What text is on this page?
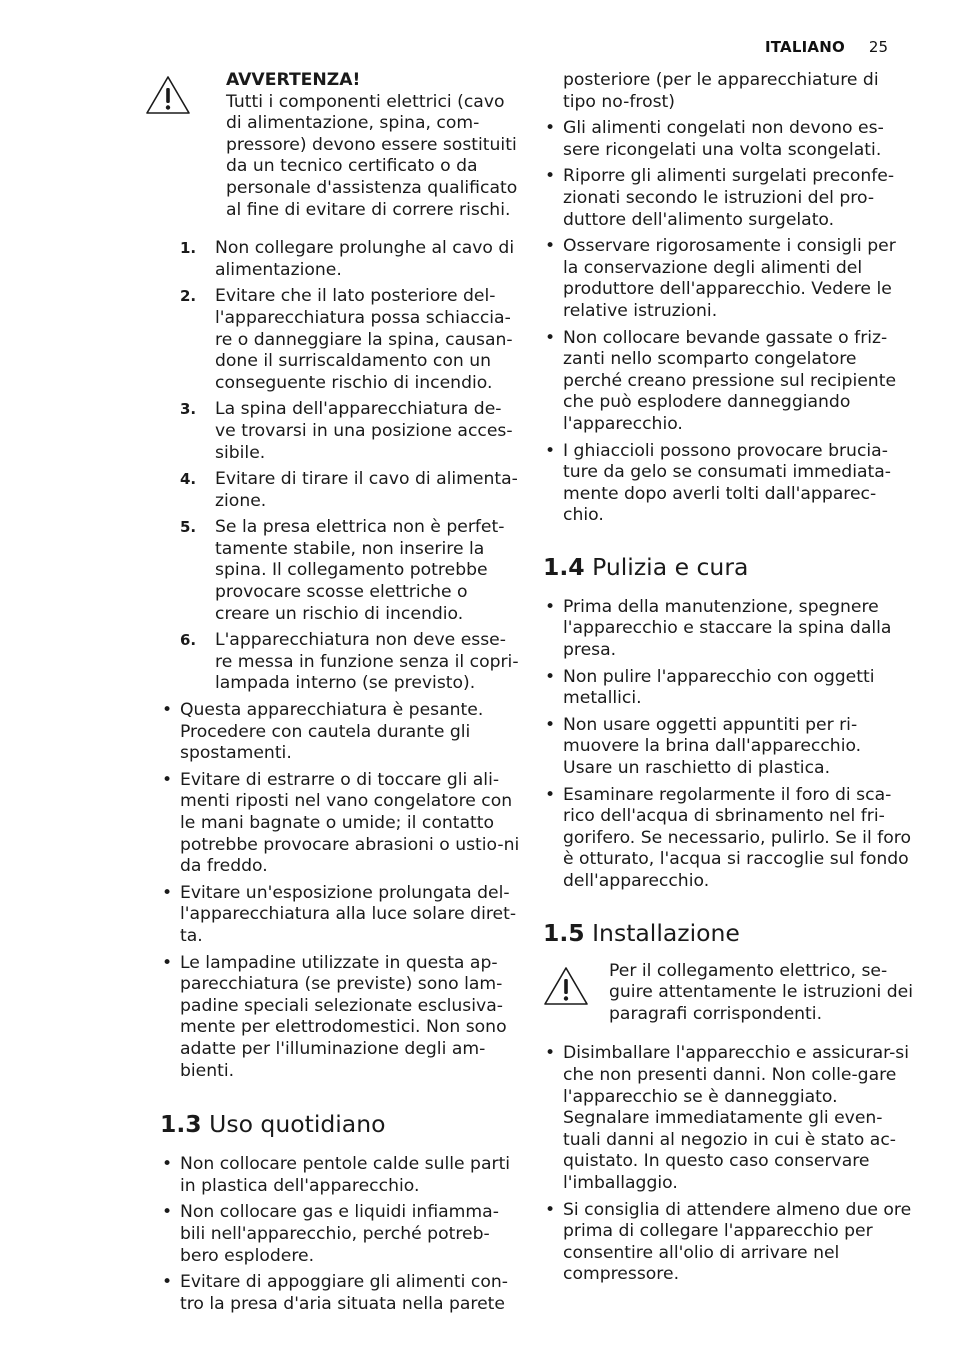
ITALIANO 25
AVVERTENZA!
Tutti i componenti elettrici (cavo di alimentazione, spina, com-pressore) devono essere sostituiti da un tecnico certificato o da personale d'assistenza qualificato al fine di evitare di correre rischi.
1. Non collegare prolunghe al cavo di alimentazione.
2. Evitare che il lato posteriore del-l'apparecchiatura possa schiaccia-re o danneggiare la spina, causan-done il surriscaldamento con un conseguente rischio di incendio.
3. La spina dell'apparecchiatura de-ve trovarsi in una posizione acces-sibile.
4. Evitare di tirare il cavo di alimenta-zione.
5. Se la presa elettrica non è perfet-tamente stabile, non inserire la spina. Il collegamento potrebbe provocare scosse elettriche o creare un rischio di incendio.
6. L'apparecchiatura non deve esse-re messa in funzione senza il copri-lampada interno (se previsto).
• Questa apparecchiatura è pesante. Procedere con cautela durante gli spostamenti.
• Evitare di estrarre o di toccare gli ali-menti riposti nel vano congelatore con le mani bagnate o umide; il contatto potrebbe provocare abrasioni o ustio-ni da freddo.
• Evitare un'esposizione prolungata del-l'apparecchiatura alla luce solare diret-ta.
• Le lampadine utilizzate in questa ap-parecchiatura (se previste) sono lam-padine speciali selezionate esclusiva-mente per elettrodomestici. Non sono adatte per l'illuminazione degli am-bienti.
1.3 Uso quotidiano
• Non collocare pentole calde sulle parti in plastica dell'apparecchio.
• Non collocare gas e liquidi infiamma-bili nell'apparecchio, perché potreb-bero esplodere.
• Evitare di appoggiare gli alimenti con-tro la presa d'aria situata nella parete
posteriore (per le apparecchiature di tipo no-frost)
• Gli alimenti congelati non devono es-sere ricongelati una volta scongelati.
• Riporre gli alimenti surgelati preconfe-zionati secondo le istruzioni del pro-duttore dell'alimento surgelato.
• Osservare rigorosamente i consigli per la conservazione degli alimenti del produttore dell'apparecchio. Vedere le relative istruzioni.
• Non collocare bevande gassate o friz-zanti nello scomparto congelatore perché creano pressione sul recipiente che può esplodere danneggiando l'apparecchio.
• I ghiaccioli possono provocare brucia-ture da gelo se consumati immediata-mente dopo averli tolti dall'apparec-chio.
1.4 Pulizia e cura
• Prima della manutenzione, spegnere l'apparecchio e staccare la spina dalla presa.
• Non pulire l'apparecchio con oggetti metallici.
• Non usare oggetti appuntiti per ri-muovere la brina dall'apparecchio. Usare un raschietto di plastica.
• Esaminare regolarmente il foro di sca-rico dell'acqua di sbrinamento nel fri-gorifero. Se necessario, pulirlo. Se il foro è otturato, l'acqua si raccoglie sul fondo dell'apparecchio.
1.5 Installazione
Per il collegamento elettrico, se-guire attentamente le istruzioni dei paragrafi corrispondenti.
• Disimballare l'apparecchio e assicurar-si che non presenti danni. Non colle-gare l'apparecchio se è danneggiato. Segnalare immediatamente gli even-tuali danni al negozio in cui è stato ac-quistato. In questo caso conservare l'imballaggio.
• Si consiglia di attendere almeno due ore prima di collegare l'apparecchio per consentire all'olio di arrivare nel compressore.
